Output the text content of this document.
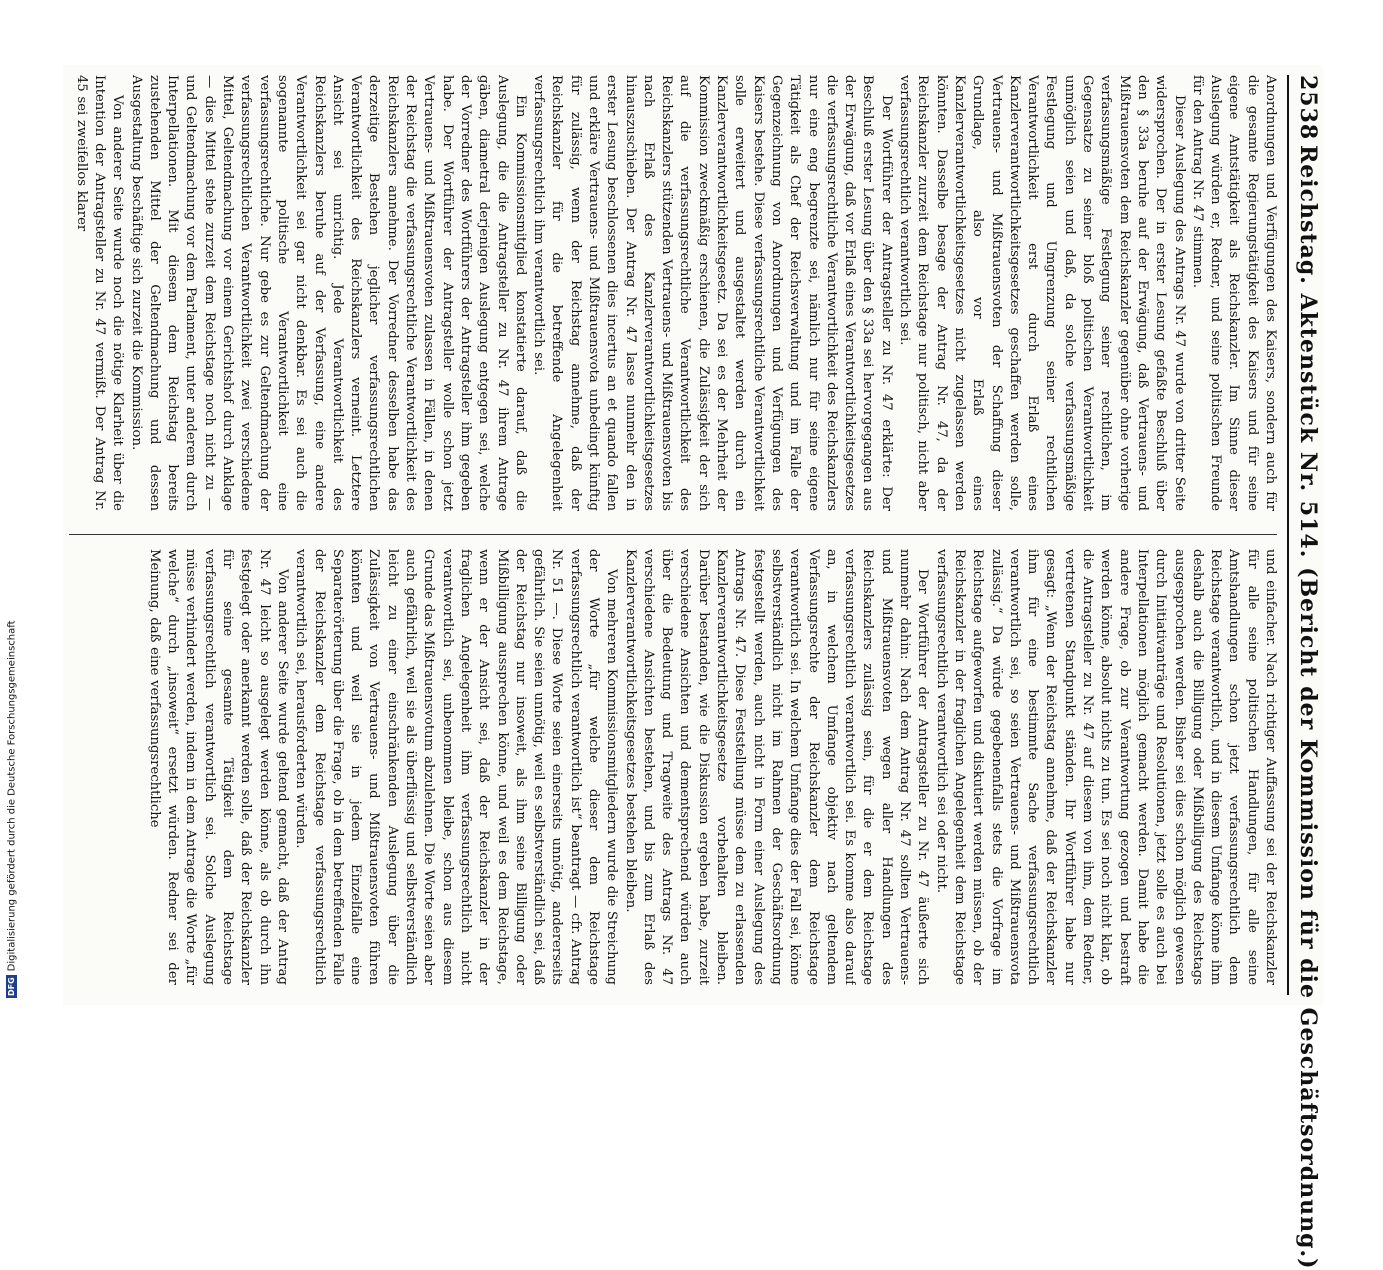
2538
Reichstag. Aktenstück Nr. 514. (Bericht der Kommission für die Geschäftsordnung.)

Anordnungen und Verfügungen des Kaisers, sondern auch für die gesamte Regierungstätigkeit des Kaisers und für seine eigene Amtstätigkeit als Reichskanzler. Im Sinne dieser Auslegung würden er, Redner, und seine politischen Freunde für den Antrag Nr. 47 stimmen.

Dieser Auslegung des Antrags Nr. 47 wurde von dritter Seite widersprochen. Der in erster Lesung gefaßte Beschluß über den § 33a beruhe auf der Erwägung, daß Vertrauens- und Mißtrauensvoten dem Reichskanzler gegenüber ohne vorherige verfassungsmäßige Festlegung seiner rechtlichen, im Gegensatze zu seiner bloß politischen Verantwortlichkeit unmöglich seien und daß, da solche verfassungsmäßige Festlegung und Umgrenzung seiner rechtlichen Verantwortlichkeit erst durch Erlaß eines Kanzlerverantwortlichkeitsgesetzes geschaffen werden solle, Vertrauens- und Mißtrauensvoten der Schaffung dieser Grundlage, also vor Erlaß eines Kanzlerverantwortlichkeitsgesetzes nicht zugelassen werden könnten. Dasselbe besage der Antrag Nr. 47, da der Reichskanzler zurzeit dem Reichstage nur politisch, nicht aber verfassungsrechtlich verantwortlich sei.

Der Wortführer der Antragsteller zu Nr. 47 erklärte: Der Beschluß erster Lesung über den § 33a sei hervorgegangen aus der Erwägung, daß vor Erlaß eines Verantwortlichkeitsgesetzes die verfassungsrechtliche Verantwortlichkeit des Reichskanzlers nur eine eng begrenzte sei, nämlich nur für seine eigene Tätigkeit als Chef der Reichsverwaltung und im Falle der Gegenzeichnung von Anordnungen und Verfügungen des Kaisers bestehe. Diese verfassungsrechtliche Verantwortlichkeit solle erweitert und ausgestaltet werden durch ein Kanzlerverantwortlichkeitsgesetz. Da sei es der Mehrheit der Kommission zweckmäßig erschienen, die Zulässigkeit der sich auf die verfassungsrechtliche Verantwortlichkeit des Reichskanzlers stützenden Vertrauens- und Mißtrauensvoten bis nach Erlaß des Kanzlerverantwortlichkeitsgesetzes hinauszuschieben. Der Antrag Nr. 47 lasse nunmehr den in erster Lesung beschlossenen dies incertus an et quando fallen und erkläre Vertrauens- und Mißtrauensvota unbedingt künftig für zulässig, wenn der Reichstag annehme, daß der Reichskanzler für die betreffende Angelegenheit verfassungsrechtlich ihm verantwortlich sei.

Ein Kommissionsmitglied konstatierte darauf, daß die Auslegung, die die Antragsteller zu Nr. 47 ihrem Antrage gäben, diametral derjenigen Auslegung entgegen sei, welche der Vorredner des Wortführers der Antragsteller ihm gegeben habe. Der Wortführer der Antragsteller wolle schon jetzt Vertrauens- und Mißtrauensvoten zulassen in Fällen, in denen der Reichstag die verfassungsrechtliche Verantwortlichkeit des Reichskanzlers annehme. Der Vorredner desselben habe das derzeitige Bestehen jeglicher verfassungsrechtlichen Verantwortlichkeit des Reichskanzlers verneint. Letztere Ansicht sei unrichtig. Jede Verantwortlichkeit des Reichskanzlers beruhe auf der Verfassung, eine andere Verantwortlichkeit sei gar nicht denkbar. Es sei auch die sogenannte politische Verantwortlichkeit eine verfassungsrechtliche. Nur gebe es zur Geltendmachung der verfassungsrechtlichen Verantwortlichkeit zwei verschiedene Mittel, Geltendmachung vor einem Gerichtshof durch Anklage — dies Mittel stehe zurzeit dem Reichstage noch nicht zu — und Geltendmachung vor dem Parlament, unter anderem durch Interpellationen. Mit diesem dem Reichstag bereits zustehenden Mittel der Geltendmachung und dessen Ausgestaltung beschäftige sich zurzeit die Kommission.

Von anderer Seite wurde noch die nötige Klarheit über die Intention der Antragsteller zu Nr. 47 vermißt. Der Antrag Nr. 45 sei zweifellos klarer

und einfacher. Nach richtiger Auffassung sei der Reichskanzler für alle seine politischen Handlungen, für alle seine Amtshandlungen schon jetzt verfassungsrechtlich dem Reichstage verantwortlich, und in diesem Umfange könne ihm deshalb auch die Billigung oder Mißbilligung des Reichstags ausgesprochen werden. Bisher sei dies schon möglich gewesen durch Initiativanträge und Resolutionen, jetzt solle es auch bei Interpellationen möglich gemacht werden. Damit habe die andere Frage, ob zur Verantwortung gezogen und bestraft werden könne, absolut nichts zu tun. Es sei noch nicht klar, ob die Antragsteller zu Nr. 47 auf diesem von ihm, dem Redner, vertretenen Standpunkt ständen. Ihr Wortführer habe nur gesagt: „Wenn der Reichstag annehme, daß der Reichskanzler ihm für eine bestimmte Sache verfassungsrechtlich verantwortlich sei, so seien Vertrauens- und Mißtrauensvota zulässig.“ Da würde gegebenenfalls stets die Vorfrage im Reichstage aufgeworfen und diskutiert werden müssen, ob der Reichskanzler in der fraglichen Angelegenheit dem Reichstage verfassungsrechtlich verantwortlich sei oder nicht.

Der Wortführer der Antragsteller zu Nr. 47 äußerte sich nunmehr dahin: Nach dem Antrag Nr. 47 sollten Vertrauens- und Mißtrauensvoten wegen aller Handlungen des Reichskanzlers zulässig sein, für die er dem Reichstage verfassungsrechtlich verantwortlich sei. Es komme also darauf an, in welchem Umfange objektiv nach geltendem Verfassungsrechte der Reichskanzler dem Reichstage verantwortlich sei. In welchem Umfange dies der Fall sei, könne selbstverständlich nicht im Rahmen der Geschäftsordnung festgestellt werden, auch nicht in Form einer Auslegung des Antrags Nr. 47. Diese Feststellung müsse dem zu erlassenden Kanzlerverantwortlichkeitsgesetze vorbehalten bleiben. Darüber bestanden, wie die Diskussion ergeben habe, zurzeit verschiedene Ansichten und dementsprechend würden auch über die Bedeutung und Tragweite des Antrags Nr. 47 verschiedene Ansichten bestehen, und bis zum Erlaß des Kanzlerverantwortlichkeitsgesetzes bestehen bleiben.

Von mehreren Kommissionsmitgliedern wurde die Streichung der Worte „für welche dieser dem Reichstage verfassungsrechtlich verantwortlich ist“ beantragt — cfr. Antrag Nr. 51 —. Diese Worte seien einerseits unnötig, andererseits gefährlich. Sie seien unnötig, weil es selbstverständlich sei, daß der Reichstag nur insoweit, als ihm seine Billigung oder Mißbilligung aussprechen könne, und weil es dem Reichstage, wenn er der Ansicht sei, daß der Reichskanzler in der fraglichen Angelegenheit ihm verfassungsrechtlich nicht verantwortlich sei, unbenommen bleibe, schon aus diesem Grunde das Mißtrauensvotum abzulehnen. Die Worte seien aber auch gefährlich, weil sie als überflüssig und selbstverständlich leicht zu einer einschränkenden Auslegung über die Zulässigkeit von Vertrauens- und Mißtrauensvoten führen könnten und weil sie in jedem Einzelfalle eine Separaterörterung über die Frage, ob in dem betreffenden Falle der Reichskanzler dem Reichstage verfassungsrechtlich verantwortlich sei, herausforderten würden.

Von anderer Seite wurde geltend gemacht, daß der Antrag Nr. 47 leicht so ausgelegt werden könne, als ob durch ihn festgelegt oder anerkannt werden solle, daß der Reichskanzler für seine gesamte Tätigkeit dem Reichstage verfassungsrechtlich verantwortlich sei. Solche Auslegung müsse verhindert werden, indem in dem Antrage die Worte „für welche“ durch „insoweit“ ersetzt würden. Redner sei der Meinung, daß eine verfassungsrechtliche

DFGDigitalisierung gefördert durch die Deutsche Forschungsgemeinschaft
